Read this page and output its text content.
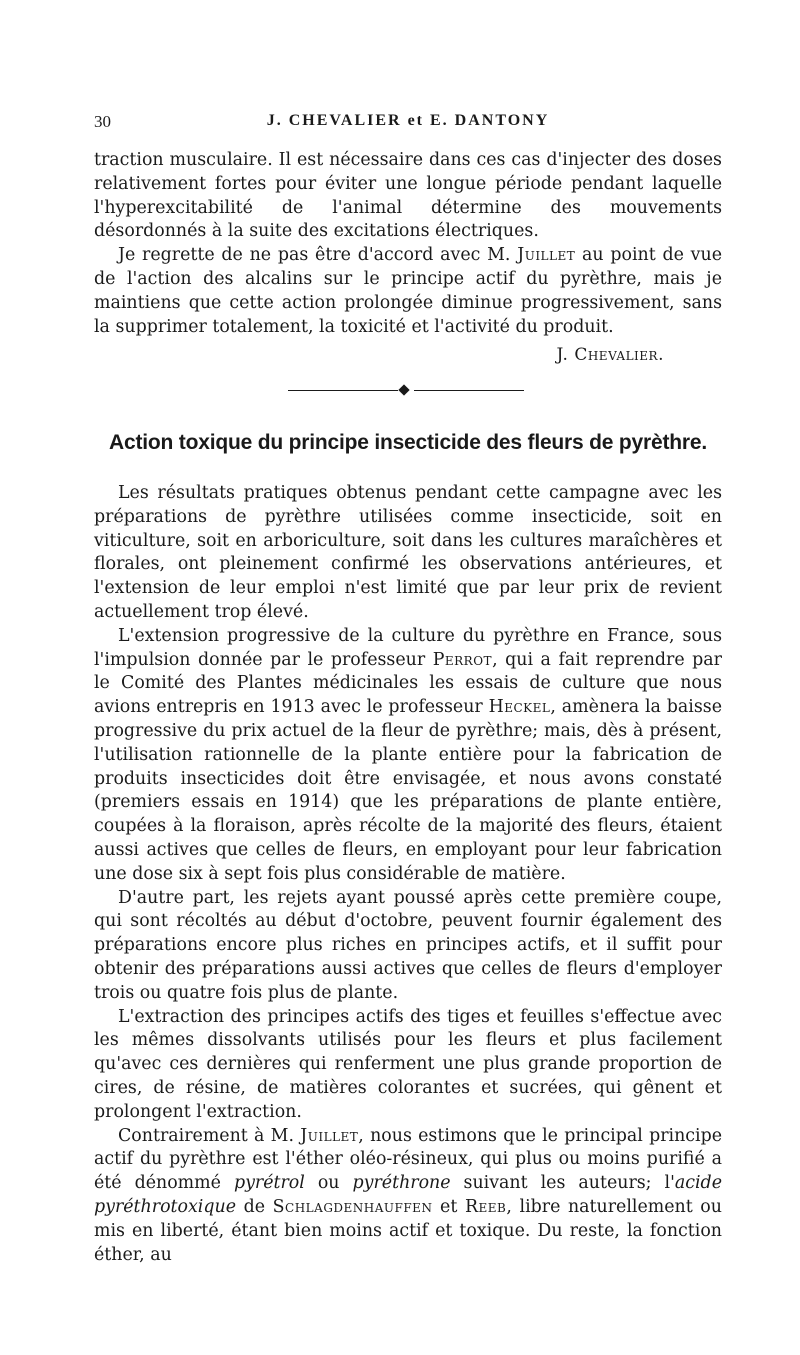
30	J. CHEVALIER et E. DANTONY

traction musculaire. Il est nécessaire dans ces cas d'injecter des doses relativement fortes pour éviter une longue période pendant laquelle l'hyperexcitabilité de l'animal détermine des mouvements désordonnés à la suite des excitations électriques.

Je regrette de ne pas être d'accord avec M. Juillet au point de vue de l'action des alcalins sur le principe actif du pyrèthre, mais je maintiens que cette action prolongée diminue progressivement, sans la supprimer totalement, la toxicité et l'activité du produit.

J. Chevalier.
Action toxique du principe insecticide des fleurs de pyrèthre.

Les résultats pratiques obtenus pendant cette campagne avec les préparations de pyrèthre utilisées comme insecticide, soit en viticulture, soit en arboriculture, soit dans les cultures maraîchères et florales, ont pleinement confirmé les observations antérieures, et l'extension de leur emploi n'est limité que par leur prix de revient actuellement trop élevé.

L'extension progressive de la culture du pyrèthre en France, sous l'impulsion donnée par le professeur Perrot, qui a fait reprendre par le Comité des Plantes médicinales les essais de culture que nous avions entrepris en 1913 avec le professeur Heckel, amènera la baisse progressive du prix actuel de la fleur de pyrèthre; mais, dès à présent, l'utilisation rationnelle de la plante entière pour la fabrication de produits insecticides doit être envisagée, et nous avons constaté (premiers essais en 1914) que les préparations de plante entière, coupées à la floraison, après récolte de la majorité des fleurs, étaient aussi actives que celles de fleurs, en employant pour leur fabrication une dose six à sept fois plus considérable de matière.

D'autre part, les rejets ayant poussé après cette première coupe, qui sont récoltés au début d'octobre, peuvent fournir également des préparations encore plus riches en principes actifs, et il suffit pour obtenir des préparations aussi actives que celles de fleurs d'employer trois ou quatre fois plus de plante.

L'extraction des principes actifs des tiges et feuilles s'effectue avec les mêmes dissolvants utilisés pour les fleurs et plus facilement qu'avec ces dernières qui renferment une plus grande proportion de cires, de résine, de matières colorantes et sucrées, qui gênent et prolongent l'extraction.

Contrairement à M. Juillet, nous estimons que le principal principe actif du pyrèthre est l'éther oléo-résineux, qui plus ou moins purifié a été dénommé pyrétrol ou pyréthrone suivant les auteurs; l'acide pyréthrotoxique de Schlagdenhauffen et Reeb, libre naturellement ou mis en liberté, étant bien moins actif et toxique. Du reste, la fonction éther, au
